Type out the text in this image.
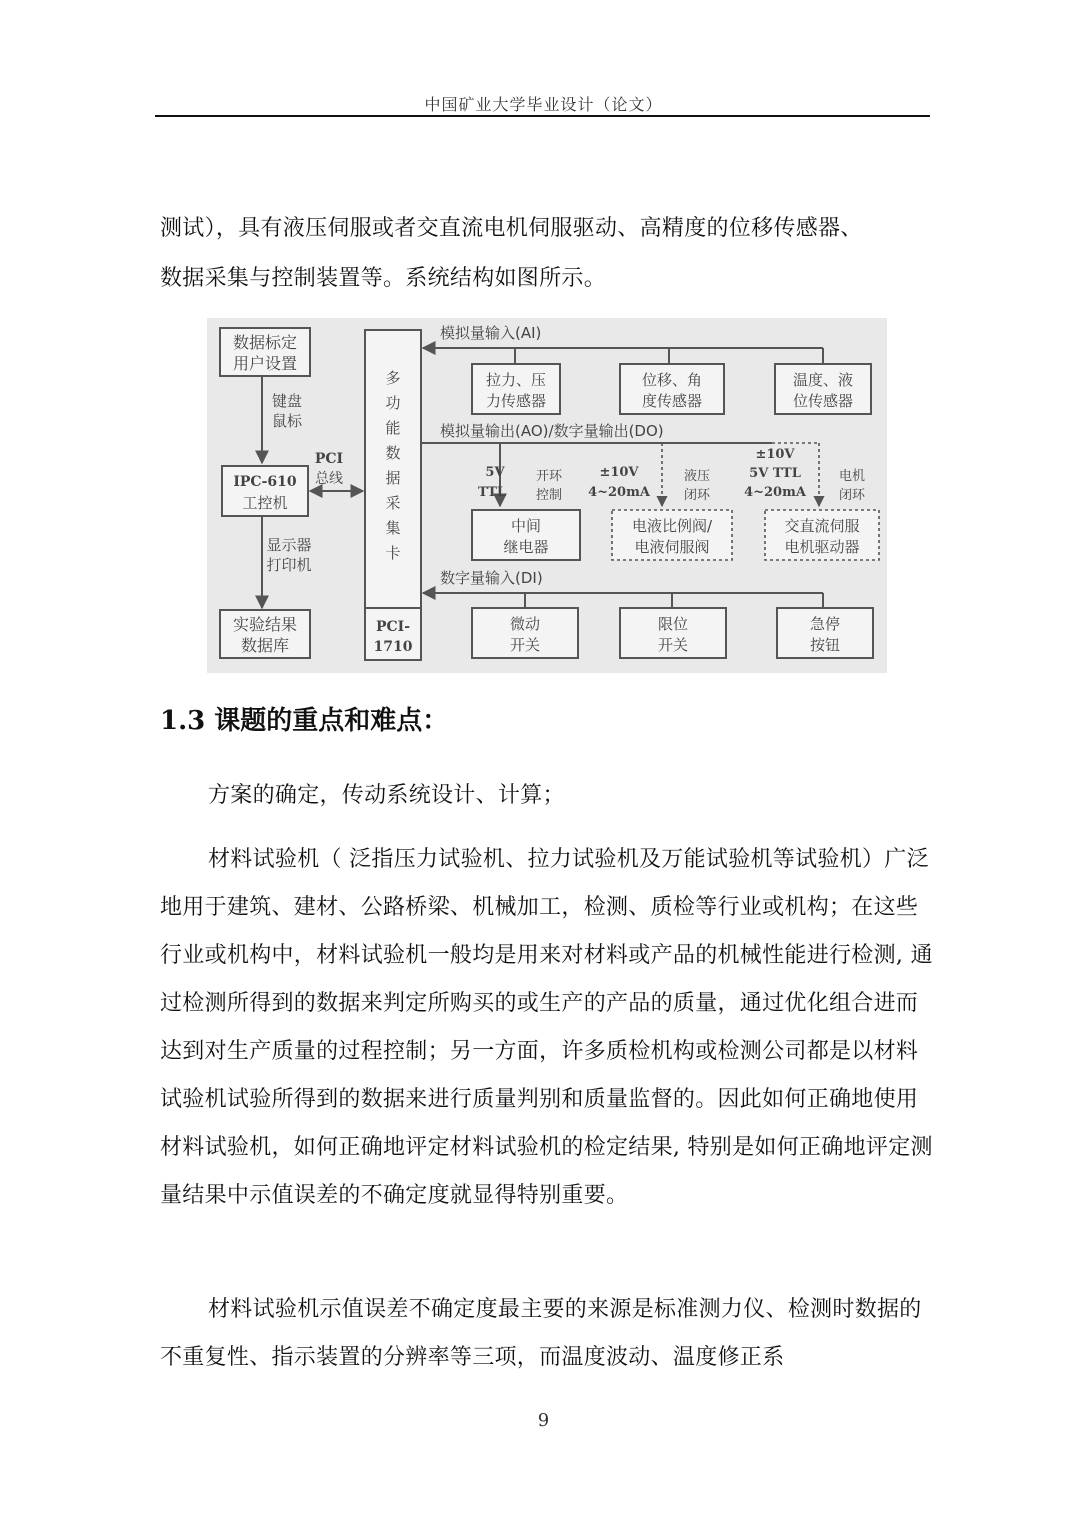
中国矿业大学毕业设计（论文）
测试），具有液压伺服或者交直流电机伺服驱动、高精度的位移传感器、
数据采集与控制装置等。系统结构如图所示。
数据标定
用户设置
键盘
鼠标
IPC-610
工控机
PCI
总线
显示器
打印机
实验结果
数据库
多
功
能
数
据
采
集
卡
PCI-
1710
模拟量输入(AI)
拉力、压
力传感器
位移、角
度传感器
温度、液
位传感器
模拟量输出(AO)/数字量输出(DO)
5V
TTL
开环
控制
±10V
4~20mA
液压
闭环
±10V
5V TTL
4~20mA
电机
闭环
中间
继电器
电液比例阀/
电液伺服阀
交直流伺服
电机驱动器
数字量输入(DI)
微动
开关
限位
开关
急停
按钮
1.3 课题的重点和难点：
方案的确定，传动系统设计、计算；
材料试验机（ 泛指压力试验机、拉力试验机及万能试验机等试验机）广泛地用于建筑、建材、公路桥梁、机械加工，检测、质检等行业或机构；在这些行业或机构中，材料试验机一般均是用来对材料或产品的机械性能进行检测, 通过检测所得到的数据来判定所购买的或生产的产品的质量，通过优化组合进而达到对生产质量的过程控制；另一方面，许多质检机构或检测公司都是以材料试验机试验所得到的数据来进行质量判别和质量监督的。因此如何正确地使用材料试验机，如何正确地评定材料试验机的检定结果, 特别是如何正确地评定测量结果中示值误差的不确定度就显得特别重要。
材料试验机示值误差不确定度最主要的来源是标准测力仪、检测时数据的不重复性、指示装置的分辨率等三项，而温度波动、温度修正系
9
